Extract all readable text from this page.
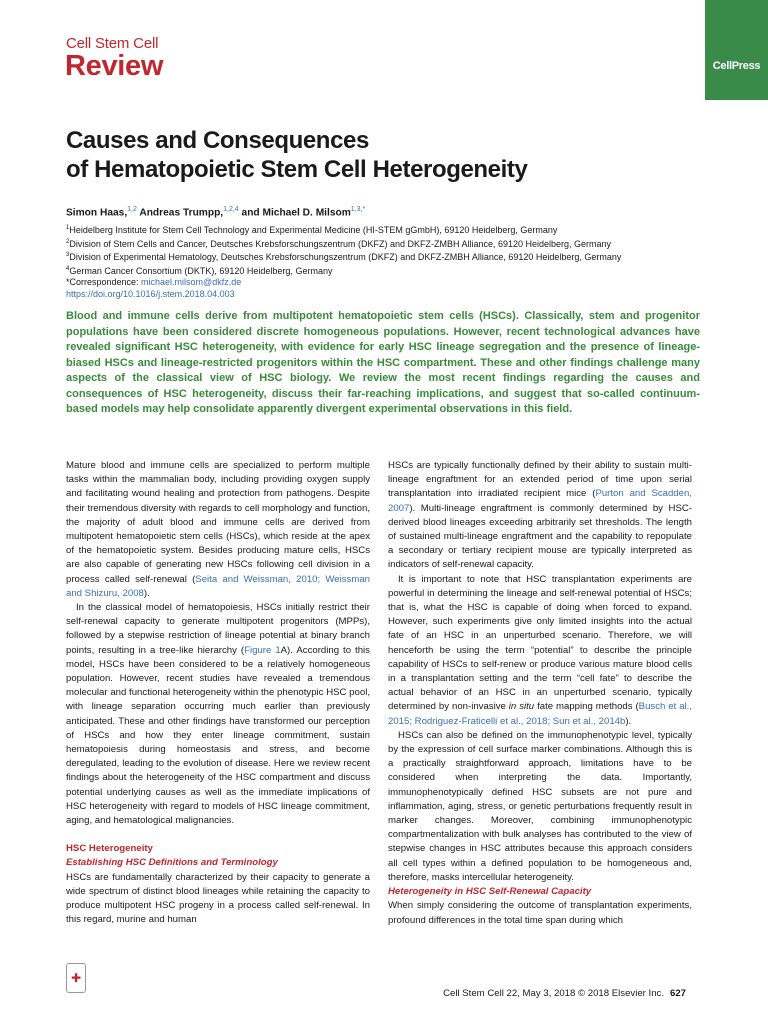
Cell Stem Cell
Review	CellPress
Causes and Consequences
of Hematopoietic Stem Cell Heterogeneity
Simon Haas,$^{1,2}$ Andreas Trumpp,$^{1,2,4}$ and Michael D. Milsom$^{1,3,*}$
$^1$Heidelberg Institute for Stem Cell Technology and Experimental Medicine (HI-STEM gGmbH), 69120 Heidelberg, Germany
$^2$Division of Stem Cells and Cancer, Deutsches Krebsforschungszentrum (DKFZ) and DKFZ-ZMBH Alliance, 69120 Heidelberg, Germany
$^3$Division of Experimental Hematology, Deutsches Krebsforschungszentrum (DKFZ) and DKFZ-ZMBH Alliance, 69120 Heidelberg, Germany
$^4$German Cancer Consortium (DKTK), 69120 Heidelberg, Germany
*Correspondence: michael.milsom@dkfz.de
https://doi.org/10.1016/j.stem.2018.04.003

Blood and immune cells derive from multipotent hematopoietic stem cells (HSCs). Classically, stem and progenitor populations have been considered discrete homogeneous populations. However, recent technological advances have revealed significant HSC heterogeneity, with evidence for early HSC lineage segregation and the presence of lineage-biased HSCs and lineage-restricted progenitors within the HSC compartment. These and other findings challenge many aspects of the classical view of HSC biology. We review the most recent findings regarding the causes and consequences of HSC heterogeneity, discuss their far-reaching implications, and suggest that so-called continuum-based models may help consolidate apparently divergent experimental observations in this field.

Mature blood and immune cells are specialized to perform multiple tasks within the mammalian body, including providing oxygen supply and facilitating wound healing and protection from pathogens. Despite their tremendous diversity with regards to cell morphology and function, the majority of adult blood and immune cells are derived from multipotent hematopoietic stem cells (HSCs), which reside at the apex of the hematopoietic system. Besides producing mature cells, HSCs are also capable of generating new HSCs following cell division in a process called self-renewal (Seita and Weissman, 2010; Weissman and Shizuru, 2008).

In the classical model of hematopoiesis, HSCs initially restrict their self-renewal capacity to generate multipotent progenitors (MPPs), followed by a stepwise restriction of lineage potential at binary branch points, resulting in a tree-like hierarchy (Figure 1A). According to this model, HSCs have been considered to be a relatively homogeneous population. However, recent studies have revealed a tremendous molecular and functional heterogeneity within the phenotypic HSC pool, with lineage separation occurring much earlier than previously anticipated. These and other findings have transformed our perception of HSCs and how they enter lineage commitment, sustain hematopoiesis during homeostasis and stress, and become deregulated, leading to the evolution of disease. Here we review recent findings about the heterogeneity of the HSC compartment and discuss potential underlying causes as well as the immediate implications of HSC heterogeneity with regard to models of HSC lineage commitment, aging, and hematological malignancies.

HSC Heterogeneity
Establishing HSC Definitions and Terminology

HSCs are fundamentally characterized by their capacity to generate a wide spectrum of distinct blood lineages while retaining the capacity to produce multipotent HSC progeny in a process called self-renewal. In this regard, murine and human

HSCs are typically functionally defined by their ability to sustain multi-lineage engraftment for an extended period of time upon serial transplantation into irradiated recipient mice (Purton and Scadden, 2007). Multi-lineage engraftment is commonly determined by HSC-derived blood lineages exceeding arbitrarily set thresholds. The length of sustained multi-lineage engraftment and the capability to repopulate a secondary or tertiary recipient mouse are typically interpreted as indicators of self-renewal capacity.

It is important to note that HSC transplantation experiments are powerful in determining the lineage and self-renewal potential of HSCs; that is, what the HSC is capable of doing when forced to expand. However, such experiments give only limited insights into the actual fate of an HSC in an unperturbed scenario. Therefore, we will henceforth be using the term “potential” to describe the principle capability of HSCs to self-renew or produce various mature blood cells in a transplantation setting and the term “cell fate” to describe the actual behavior of an HSC in an unperturbed scenario, typically determined by non-invasive in situ fate mapping methods (Busch et al., 2015; Rodriguez-Fraticelli et al., 2018; Sun et al., 2014b).

HSCs can also be defined on the immunophenotypic level, typically by the expression of cell surface marker combinations. Although this is a practically straightforward approach, limitations have to be considered when interpreting the data. Importantly, immunophenotypically defined HSC subsets are not pure and inflammation, aging, stress, or genetic perturbations frequently result in marker changes. Moreover, combining immunophenotypic compartmentalization with bulk analyses has contributed to the view of stepwise changes in HSC attributes because this approach considers all cell types within a defined population to be homogeneous and, therefore, masks intercellular heterogeneity.

Heterogeneity in HSC Self-Renewal Capacity

When simply considering the outcome of transplantation experiments, profound differences in the total time span during which

✚
Cell Stem Cell 22, May 3, 2018 © 2018 Elsevier Inc. 627
